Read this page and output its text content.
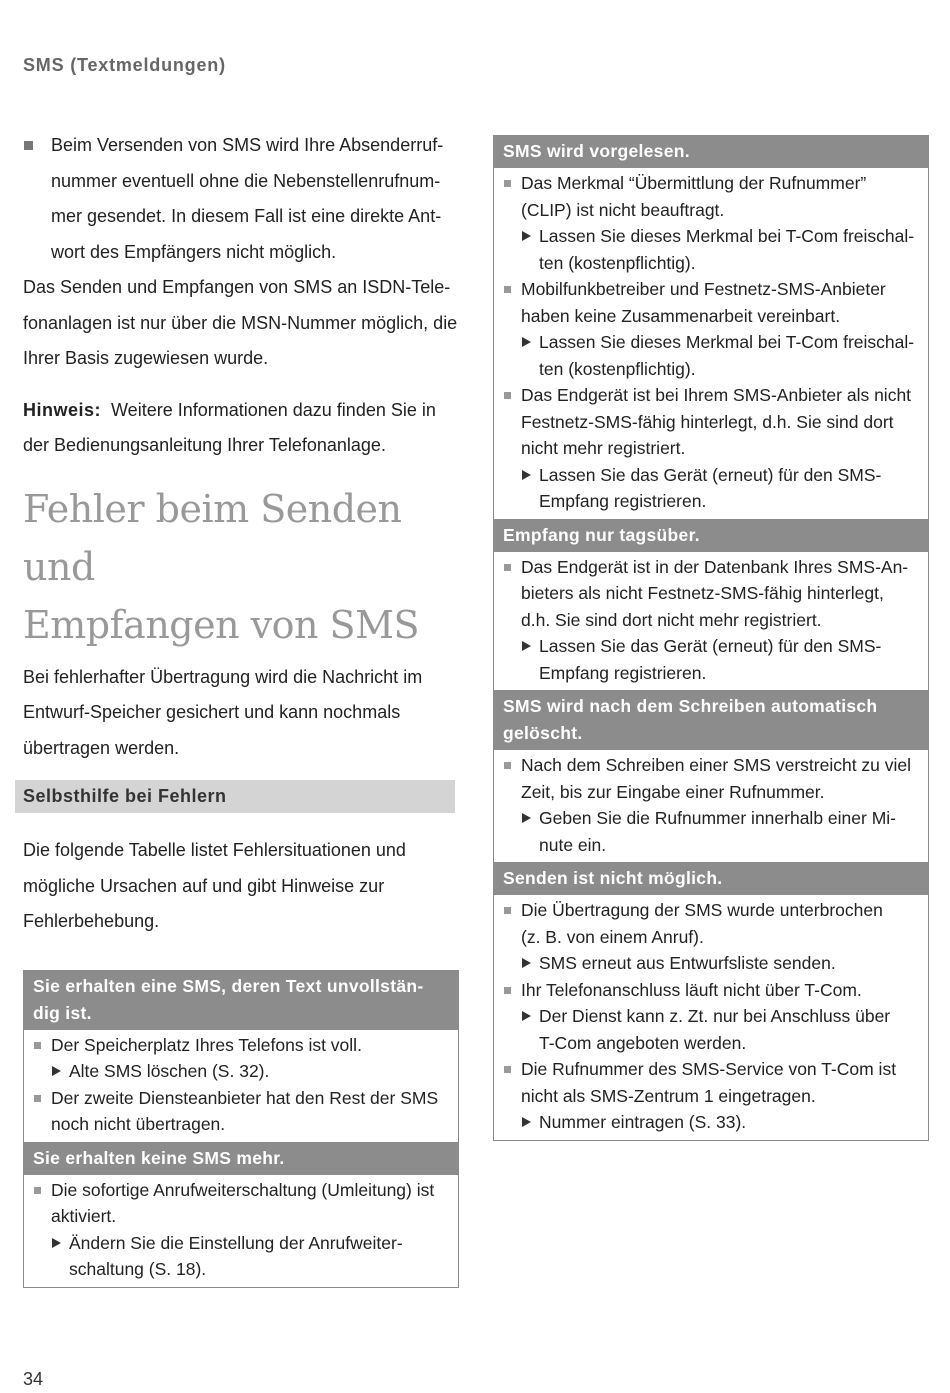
SMS (Textmeldungen)
Beim Versenden von SMS wird Ihre Absenderruf-
nummer eventuell ohne die Nebenstellenrufnum-
mer gesendet. In diesem Fall ist eine direkte Ant-
wort des Empfängers nicht möglich.
Das Senden und Empfangen von SMS an ISDN-Tele-
fonanlagen ist nur über die MSN-Nummer möglich, die
Ihrer Basis zugewiesen wurde.
Hinweis: Weitere Informationen dazu finden Sie in
der Bedienungsanleitung Ihrer Telefonanlage.
Fehler beim Senden und
Empfangen von SMS
Bei fehlerhafter Übertragung wird die Nachricht im
Entwurf-Speicher gesichert und kann nochmals
übertragen werden.
Selbsthilfe bei Fehlern
Die folgende Tabelle listet Fehlersituationen und
mögliche Ursachen auf und gibt Hinweise zur
Fehlerbehebung.
Sie erhalten eine SMS, deren Text unvollstän-
dig ist.
Der Speicherplatz Ihres Telefons ist voll.
Alte SMS löschen (S. 32).
Der zweite Diensteanbieter hat den Rest der SMS
noch nicht übertragen.
Sie erhalten keine SMS mehr.
Die sofortige Anrufweiterschaltung (Umleitung) ist
aktiviert.
Ändern Sie die Einstellung der Anrufweiter-
schaltung (S. 18).
SMS wird vorgelesen.
Das Merkmal “Übermittlung der Rufnummer”
(CLIP) ist nicht beauftragt.
Lassen Sie dieses Merkmal bei T-Com freischal-
ten (kostenpflichtig).
Mobilfunkbetreiber und Festnetz-SMS-Anbieter
haben keine Zusammenarbeit vereinbart.
Lassen Sie dieses Merkmal bei T-Com freischal-
ten (kostenpflichtig).
Das Endgerät ist bei Ihrem SMS-Anbieter als nicht
Festnetz-SMS-fähig hinterlegt, d.h. Sie sind dort
nicht mehr registriert.
Lassen Sie das Gerät (erneut) für den SMS-
Empfang registrieren.
Empfang nur tagsüber.
Das Endgerät ist in der Datenbank Ihres SMS-An-
bieters als nicht Festnetz-SMS-fähig hinterlegt,
d.h. Sie sind dort nicht mehr registriert.
Lassen Sie das Gerät (erneut) für den SMS-
Empfang registrieren.
SMS wird nach dem Schreiben automatisch
gelöscht.
Nach dem Schreiben einer SMS verstreicht zu viel
Zeit, bis zur Eingabe einer Rufnummer.
Geben Sie die Rufnummer innerhalb einer Mi-
nute ein.
Senden ist nicht möglich.
Die Übertragung der SMS wurde unterbrochen
(z. B. von einem Anruf).
SMS erneut aus Entwurfsliste senden.
Ihr Telefonanschluss läuft nicht über T-Com.
Der Dienst kann z. Zt. nur bei Anschluss über
T-Com angeboten werden.
Die Rufnummer des SMS-Service von T-Com ist
nicht als SMS-Zentrum 1 eingetragen.
Nummer eintragen (S. 33).
34
